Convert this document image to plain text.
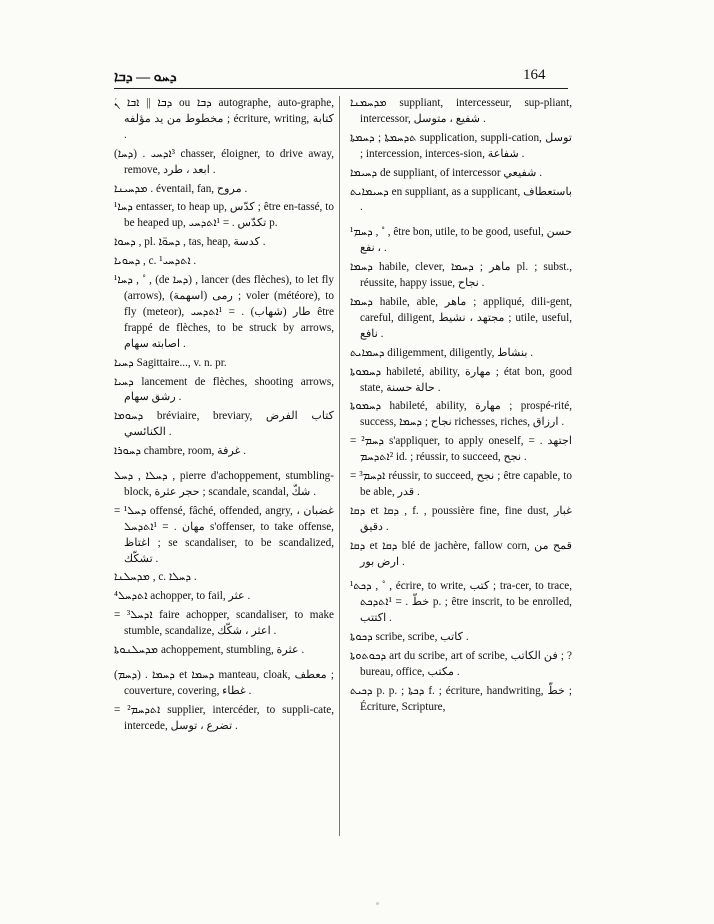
ܕܚܘ — ܕܒܐ	164

ܕܒܐ || ܐܒܐ ܢܿ ou ܕܒܐ autographe, auto-graphe, مخطوط من يد مؤلفه ; écriture, writing, كتابة .

(ܕܚܐ) . ³ܐܕܚܝ chasser, éloigner, to drive away, remove, ابعد ، طرد .

ܡܕܚܝܢܐ . éventail, fan, مروح .

¹ܕܚܐ entasser, to heap up, كدّس ; être en-tassé, to be heaped up, تكدّس . = ¹ܐܬܕܚܝ p.

ܕܚܘܐ , pl. ܕܚܘ̈ܐ , tas, heap, كدسة .

ܕܚܘܝܐ , c. ¹ܐܬܕܚܝ .

¹ܕܚܐ , ˚ , (de ܕܚܐ) , lancer (des flèches), to let fly (arrows), رمى (اسهمة) ; voler (météore), to fly (meteor), طار (شهاب) . = ¹ܐܬܕܚܝ être frappé de flèches, to be struck by arrows, اصابته سهام .

ܕܚܝܐ Sagittaire..., v. n. pr.

ܕܚܝܐ lancement de flèches, shooting arrows, رشق سهام .

ܕܚܘܡܐ bréviaire, breviary, كتاب الفرض الكنائسي .

ܕܚܘܪܐ chambre, room, غرفة .

ܕܚܠܐ , ܕܚܠ , pierre d'achoppement, stumbling-block, حجر عثرة ; scandale, scandal, شكّ .

= ¹ܕܚܠ offensé, fâché, offended, angry, غضبان ، مهان . = ¹ܐܬܕܚܠ s'offenser, to take offense, اغتاظ ; se scandaliser, to be scandalized, تشكّك .

ܡܕܚܠܢܐ , c. ܕܚܠܐ .

⁴ܐܬܕܚܠ achopper, to fail, عثر .

= ³ܐܕܚܠ faire achopper, scandaliser, to make stumble, scandalize, اعثر ، شكّك .

ܡܕܚܠܢܘܬܐ achoppement, stumbling, عثرة .

(ܕܚܡ) . ܕܚܡܐ et ܕܚܡܐ manteau, cloak, معطف ; couverture, covering, غطاء .

= ²ܐܬܕܚܡ supplier, intercéder, to suppli-cate, intercede, تضرع ، توسل .

ܡܕܚܡܢܐ suppliant, intercesseur, sup-pliant, intercessor, شفيع ، متوسل .

ܬܕܚܡܬܐ ; ܕܚܡܬܐ supplication, suppli-cation, توسل ; intercession, interces-sion, شفاعة .

ܕܚܝܡܐ de suppliant, of intercessor شفيعي .

ܕܚܝܡܐܝܬ en suppliant, as a supplicant, باستعطاف .

¹ܕܚܡ , ˚ , être bon, utile, to be good, useful, حسن ، نفع .

ܕܚܡܐ habile, clever, ماهر ; ܕܚܡܐ pl. ; subst., réussite, happy issue, نجاح .

ܕܚܡܐ habile, able, ماهر ; appliqué, dili-gent, careful, diligent, مجتهد ، نشيط ; utile, useful, نافع .

ܕܚܡܐܝܬ diligemment, diligently, بنشاط .

ܕܚܡܘܬܐ habileté, ability, مهارة ; état bon, good state, حالة حسنة .

ܕܚܡܘܬܐ habileté, ability, مهارة ; prospé-rité, success, نجاح ; ܕܚܡܐ richesses, riches, ارزاق .

= ²ܕܚܡ s'appliquer, to apply oneself, اجتهد . = ²ܐܬܕܚܡ id. ; réussir, to succeed, نجح .

= ³ܐܕܚܡ réussir, to succeed, نجح ; être capable, to be able, قدر .

ܕܩܐ et ܕܩܐ , f. , poussière fine, fine dust, غبار دقيق .

ܕܩܐ et ܕܩܐ blé de jachère, fallow corn, قمح من ارض بور .

¹ܕܟܬ , ˚ , écrire, to write, كتب ; tra-cer, to trace, خطّ . = ¹ܐܬܕܟܬ p. ; être inscrit, to be enrolled, اكتتب .

ܕܟܘܬܐ scribe, scribe, كاتب .

ܕܟܘܬܘܬܐ art du scribe, art of scribe, فن الكاتب ; ? bureau, office, مكتب .

ܕܟܝܬ p. p. ; ܕܟܬܐ f. ; écriture, handwriting, خطّ ; Écriture, Scripture,
